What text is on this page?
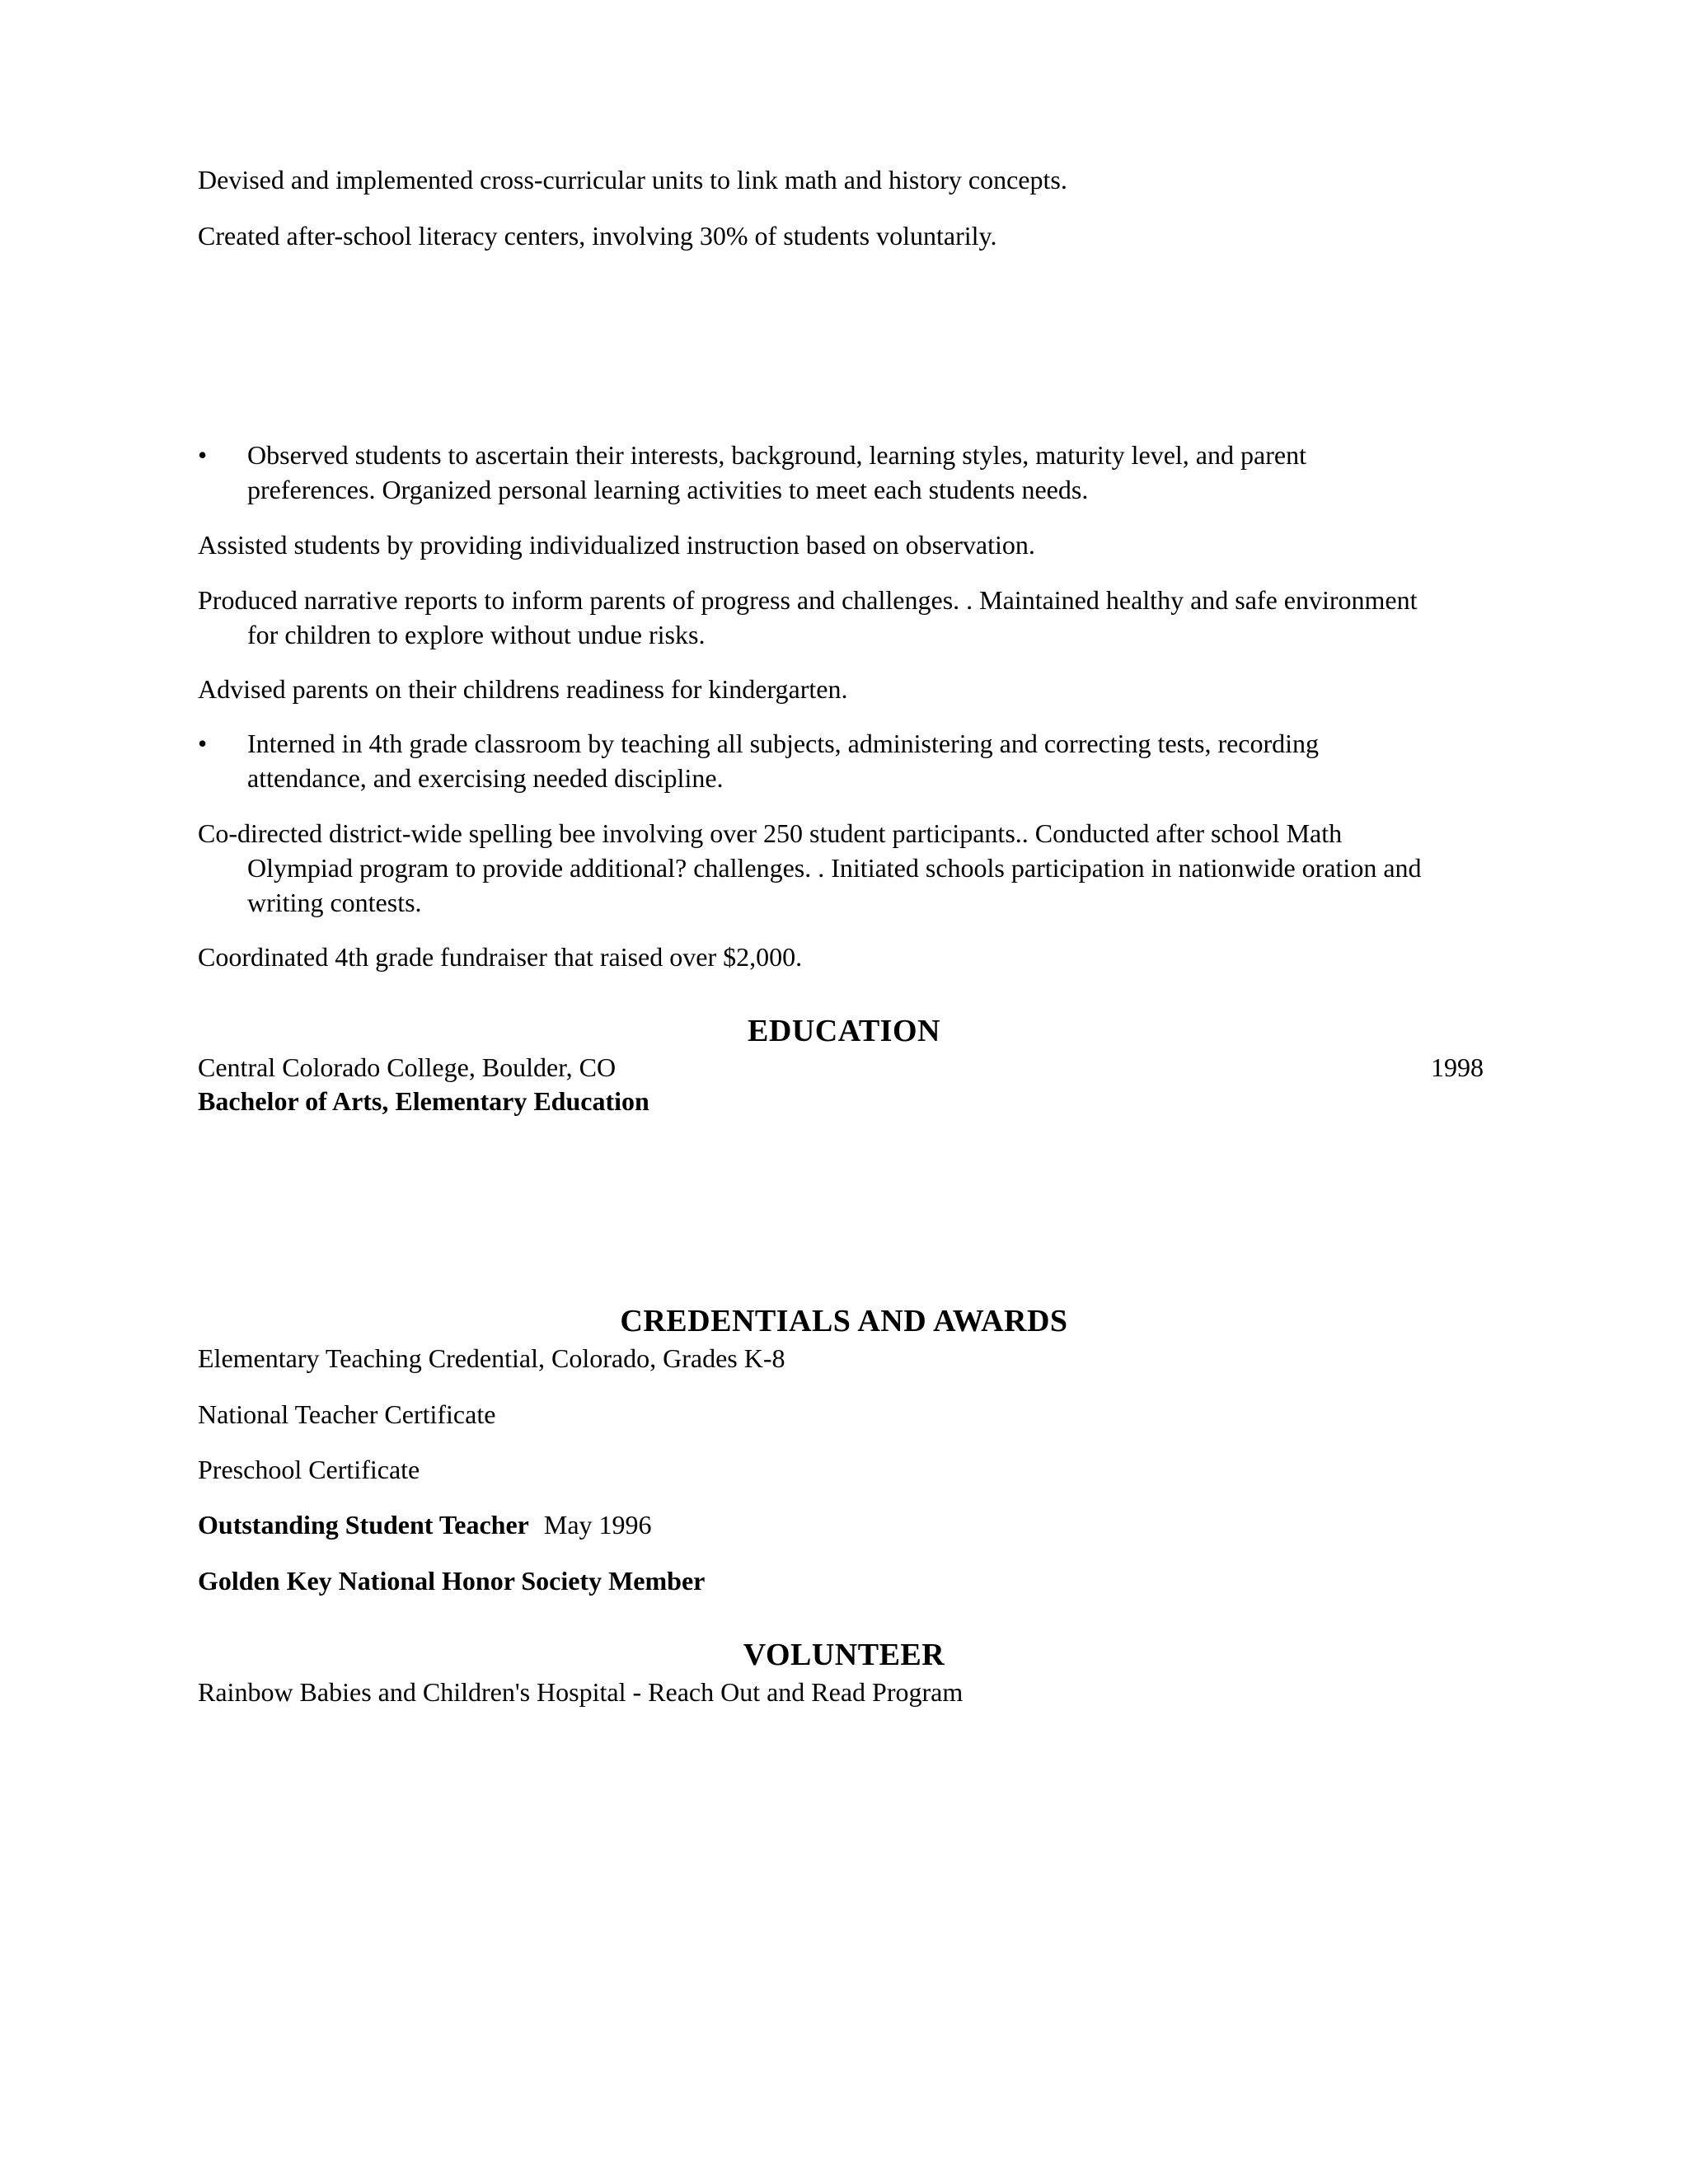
Devised and implemented cross-curricular units to link math and history concepts.
Created after-school literacy centers, involving 30% of students voluntarily.
•	Observed students to ascertain their interests, background, learning styles, maturity level, and parent
preferences. Organized personal learning activities to meet each students needs.
Assisted students by providing individualized instruction based on observation.
Produced narrative reports to inform parents of progress and challenges. . Maintained healthy and safe environment
for children to explore without undue risks.
Advised parents on their childrens readiness for kindergarten.
•	Interned in 4th grade classroom by teaching all subjects, administering and correcting tests, recording
attendance, and exercising needed discipline.
Co-directed district-wide spelling bee involving over 250 student participants.. Conducted after school Math
Olympiad program to provide additional? challenges. . Initiated schools participation in nationwide oration and
writing contests.
Coordinated 4th grade fundraiser that raised over $2,000.
EDUCATION
Central Colorado College, Boulder, CO	1998
Bachelor of Arts, Elementary Education
CREDENTIALS AND AWARDS
Elementary Teaching Credential, Colorado, Grades K-8
National Teacher Certificate
Preschool Certificate
Outstanding Student Teacher May 1996
Golden Key National Honor Society Member
VOLUNTEER
Rainbow Babies and Children's Hospital - Reach Out and Read Program
